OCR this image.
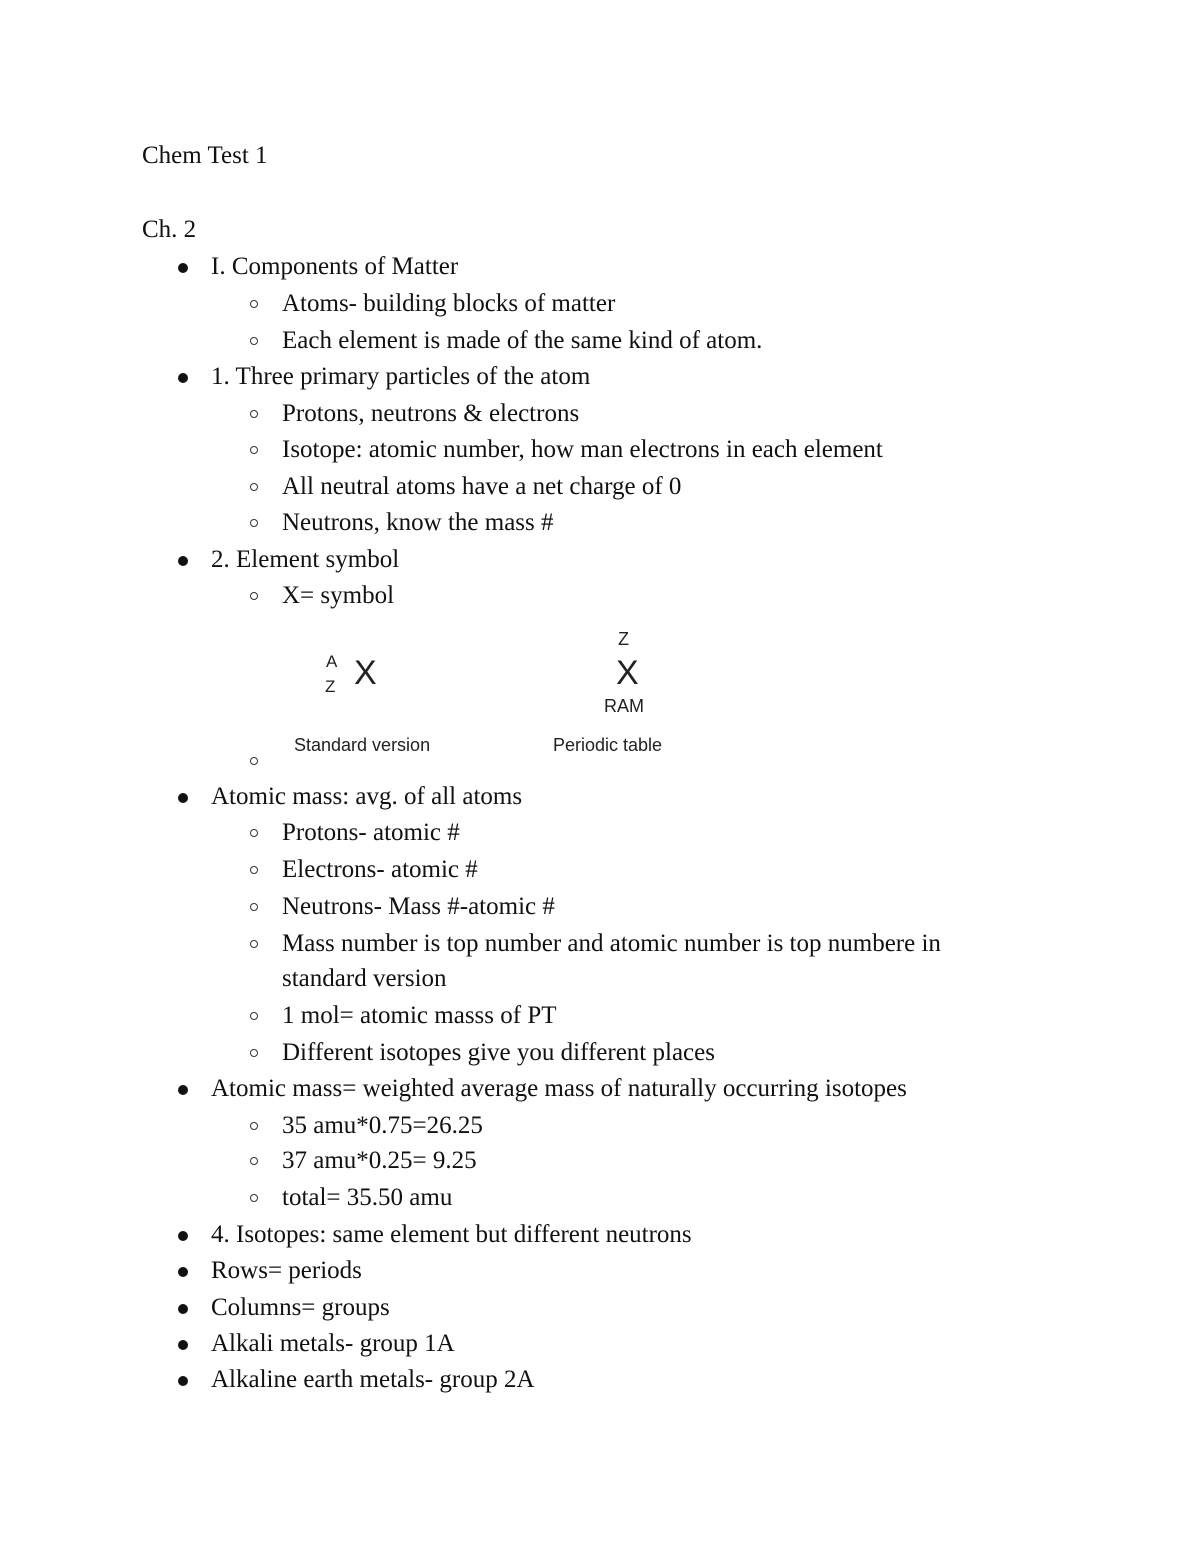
Chem Test 1
Ch. 2
I. Components of Matter
Atoms- building blocks of matter
Each element is made of the same kind of atom.
1. Three primary particles of the atom
Protons, neutrons & electrons
Isotope: atomic number, how man electrons in each element
All neutral atoms have a net charge of 0
Neutrons, know the mass #
2. Element symbol
X= symbol
A
Z X
Standard version
Z
X
RAM
Periodic table
Atomic mass: avg. of all atoms
Protons- atomic #
Electrons- atomic #
Neutrons- Mass #-atomic #
Mass number is top number and atomic number is top numbere in
standard version
1 mol= atomic masss of PT
Different isotopes give you different places
Atomic mass= weighted average mass of naturally occurring isotopes
35 amu*0.75=26.25
37 amu*0.25= 9.25
total= 35.50 amu
4. Isotopes: same element but different neutrons
Rows= periods
Columns= groups
Alkali metals- group 1A
Alkaline earth metals- group 2A
